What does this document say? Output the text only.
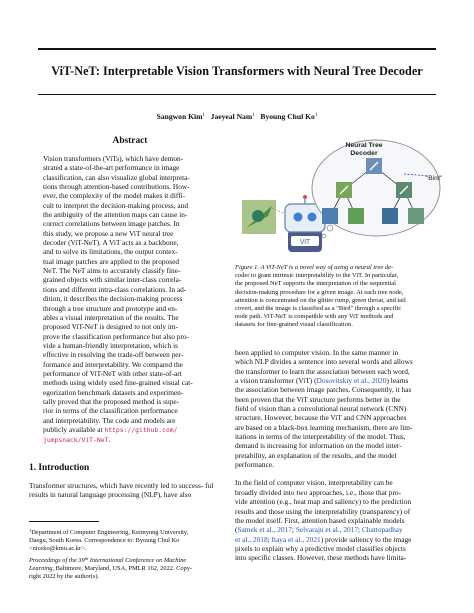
ViT-NeT: Interpretable Vision Transformers with Neural Tree Decoder
Sangwon Kim$^1$ Jaeyeal Nam$^1$ Byoung Chul Ko$^1$
Abstract
Vision transformers (ViTs), which have demon-
strated a state-of-the-art performance in image
classification, can also visualize global interpreta-
tions through attention-based contributions. How-
ever, the complexity of the model makes it diffi-
cult to interpret the decision-making process, and
the ambiguity of the attention maps can cause in-
correct correlations between image patches. In
this study, we propose a new ViT neural tree
decoder (ViT-NeT). A ViT acts as a backbone,
and to solve its limitations, the output contex-
tual image patches are applied to the proposed
NeT. The NeT aims to accurately classify fine-
grained objects with similar inter-class correla-
tions and different intra-class correlations. In ad-
dition, it describes the decision-making process
through a tree structure and prototype and en-
ables a visual interpretation of the results. The
proposed ViT-NeT is designed to not only im-
prove the classification performance but also pro-
vide a human-friendly interpretation, which is
effective in resolving the trade-off between per-
formance and interpretability. We compared the
performance of ViT-NeT with other state-of-art
methods using widely used fine-grained visual cat-
egorization benchmark datasets and experimen-
tally proved that the proposed method is supe-
rior in terms of the classification performance
and interpretability. The code and models are
publicly available at https://github.com/
jumpsnack/ViT-NeT.
1. Introduction
Transformer structures, which have recently led to success- ful results in natural language processing (NLP), have also
$^1$Department of Computer Engineering, Keimyung University,
Daegu, South Korea. Correspondence to: Byoung Chul Ko
<niceko@kmu.ac.kr>.
Proceedings of the 39th International Conference on Machine
Learning, Baltimore, Maryland, USA, PMLR 162, 2022. Copy-
right 2022 by the author(s).
ViT
Neural Tree
Decoder
"Bird"
Figure 1. A ViT-NeT is a novel way of using a neural tree de-
coder to grant intrinsic interpretability to the ViT. In particular,
the proposed NeT supports the interpretation of the sequential
decision-making procedure for a given image. At each tree node,
attention is concentrated on the glitter rump, green throat, and tail
covert, and the image is classified as a "Bird" through a specific
node path. ViT-NeT is compatible with any ViT methods and
datasets for fine-grained visual classification.
been applied to computer vision. In the same manner in
which NLP divides a sentence into several words and allows
the transformer to learn the association between each word,
a vision transformer (ViT) (Dosovitskiy et al., 2020) learns
the association between image patches. Consequently, it has
been proven that the ViT structure performs better in the
field of vision than a convolutional neural network (CNN)
structure. However, because the ViT and CNN approaches
are based on a black-box learning mechanism, there are lim-
itations in terms of the interpretability of the model. Thus,
demand is increasing for information on the model inter-
pretability, an explanation of the results, and the model
performance.
In the field of computer vision, interpretability can be
broadly divided into two approaches, i.e., those that pro-
vide attention (e.g., heat map and saliency) to the prediction
results and those using the interpretability (transparency) of
the model itself. First, attention based explainable models
(Samek et al., 2017; Selvaraju et al., 2017; Chattopadhay
et al., 2018; Itaya et al., 2021) provide saliency to the image
pixels to explain why a predictive model classifies objects
into specific classes. However, these methods have limita-
